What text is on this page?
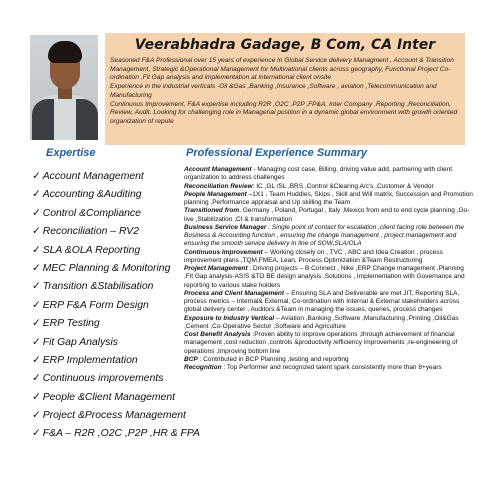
Veerabhadra Gadage, B Com, CA Inter

Seasoned F&A Professional over 15 years of experience in Global Service delivery Managment , Account & Transition Management, Strategic &Operational Management for Multinational clients across geography, Functional Project Co-ordination ,Fit Gap analysis and implementation at international client onsite

Experience in the industrial verticals -Oil &Gas ,Banking ,Insurance ,Software , aviation ,Telecommunication and Manufacturing

Continuous Improvement, F&A expertise including R2R ,O2C ,P2P ,FP&A, Inter Company ,Reporting ,Reconciliation, Review, Audit. Looking for challenging role in Managerial position in a dynamic global environment with growth oriented organization of repute

Expertise	Professional Experience Summary
✓ Account Management
✓ Accounting &Auditing
✓ Control &Compliance
✓ Reconciliation – RV2
✓ SLA &OLA Reporting
✓ MEC Planning & Monitoring
✓ Transition &Stabilisation
✓ ERP F&A Form Design
✓ ERP Testing
✓ Fit Gap Analysis
✓ ERP Implementation
✓ Continuous improvements
✓ People &Client Management
✓ Project &Process Management
✓ F&A – R2R ,O2C ,P2P ,HR & FPA

Account Management - Managing cost case, Billing, driving value add, partnering with client organization to address challenges

Reconciliation Review: IC ,GL /SL ,BRS ,Control &Clearing A/c's ,Customer & Vendor

People Management –1X1 , Team Huddles, Skips , Skill and Will matrix, Succession and Promotion planning ,Performance appraisal and Up skilling the Team

Transitioned from, Germany , Poland, Portugal , Italy ,Mexico from end to end cycle planning ,Go-live ,Stabilization ,CI & transformation

Business Service Manager : Single point of contact for escalation ,client facing role between the Business & Accounting function , ensuring the change management , project management and ensuring the smooth service delivery in line of SOW,SLA/OLA

Continuous Improvement – Working closely on , TVC , ABC and Idea Creation , process improvement plans ,TQM,FMEA, Lean, Process Optimization &Team Restructuring

Project Management : Driving projects – B Connect , Nike ,ERP Change management ,Planning ,Fit Gap analysis-AS!S &TO BE design analysis ,Solutions , Implementation with Governance and reporting to various stake holders

Process and Client Management – Ensuring SLA and Deliverable are met JIT, Reporting SLA, process metrics – Internal& External, Co-ordination with Internal & External stakeholders across global delivery center , Auditors &Team in managing the issues, queries, process changes

Exposure to Industry Vertical – Aviation ,Banking ,Software ,Manufacturing ,Printing ,Oil&Gas ,Cement ,Co-Operative Sector ,Software and Agriculture

Cost Benefit Analysis :Proven ability to improve operations ,through achievement of financial management ,cost reduction ,controls &productivity /efficiency improvements ,re-engineering of operations ,Improving bottom line

BCP : Contributed in BCP Planning ,testing and reporting

Recognition : Top Performer and recognized talent spark consistently more than 8+years
